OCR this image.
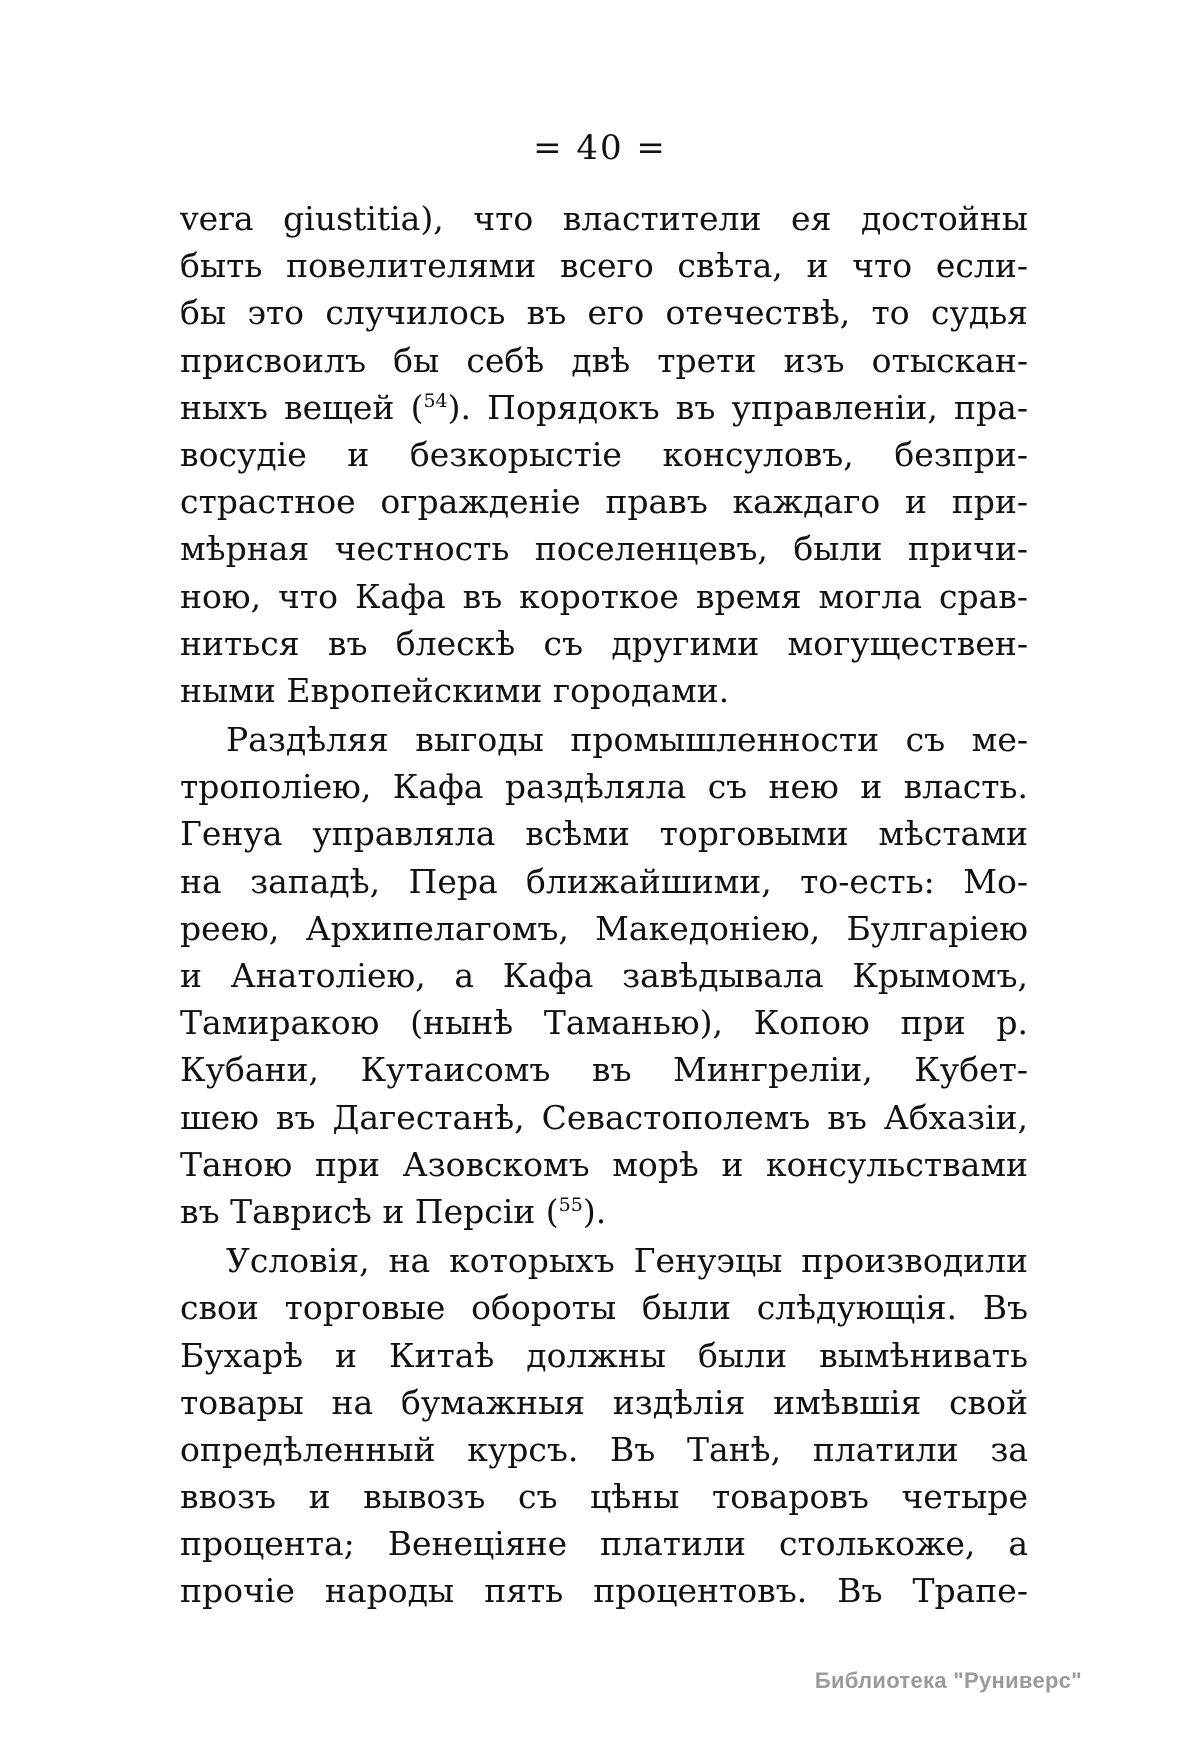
= 40 =

vera giustitia), что властители ея достойны
быть повелителями всего свѣта, и что если-
бы это случилось въ его отечествѣ, то судья
присвоилъ бы себѣ двѣ трети изъ отыскан-
ныхъ вещей ($^{54}$). Порядокъ въ управленіи, пра-
восудіе и безкорыстіе консуловъ, безпри-
страстное огражденіе правъ каждаго и при-
мѣрная честность поселенцевъ, были причи-
ною, что Кафа въ короткое время могла срав-
ниться въ блескѣ съ другими могуществен-
ными Европейскими городами.

Раздѣляя выгоды промышленности съ ме-
трополіею, Кафа раздѣляла съ нею и власть.
Генуа управляла всѣми торговыми мѣстами
на западѣ, Пера ближайшими, то-есть: Мо-
реею, Архипелагомъ, Македоніею, Булгаріею
и Анатоліею, а Кафа завѣдывала Крымомъ,
Тамиракою (нынѣ Таманью), Копою при р.
Кубани, Кутаисомъ въ Мингреліи, Кубет-
шею въ Дагестанѣ, Севастополемъ въ Абхазіи,
Таною при Азовскомъ морѣ и консульствами
въ Таврисѣ и Персіи ($^{55}$).

Условія, на которыхъ Генуэцы производили
свои торговые обороты были слѣдующія. Въ
Бухарѣ и Китаѣ должны были вымѣнивать
товары на бумажныя издѣлія имѣвшія свой
опредѣленный курсъ. Въ Танѣ, платили за
ввозъ и вывозъ съ цѣны товаровъ четыре
процента; Венеціяне платили столькоже, а
прочіе народы пять процентовъ. Въ Трапе-

Библиотека "Руниверс"
